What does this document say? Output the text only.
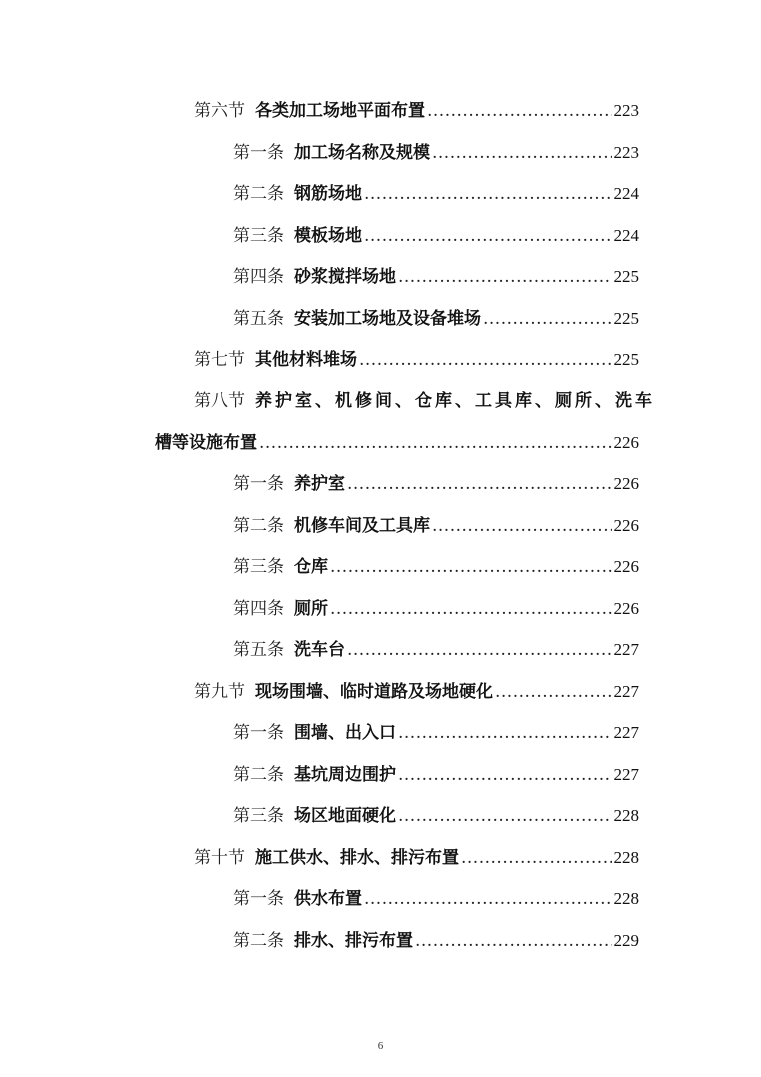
第六节 各类加工场地平面布置 .....	223
第一条 加工场名称及规模 .....	223
第二条 钢筋场地 .....	224
第三条 模板场地 .....	224
第四条 砂浆搅拌场地 .....	225
第五条 安装加工场地及设备堆场 .....	225
第七节 其他材料堆场 .....	225
第八节 养护室、机修间、仓库、工具库、厕所、洗车
槽等设施布置 .....	226
第一条 养护室 .....	226
第二条 机修车间及工具库 .....	226
第三条 仓库 .....	226
第四条 厕所 .....	226
第五条 洗车台 .....	227
第九节 现场围墙、临时道路及场地硬化 .....	227
第一条 围墙、出入口 .....	227
第二条 基坑周边围护 .....	227
第三条 场区地面硬化 .....	228
第十节 施工供水、排水、排污布置 .....	228
第一条 供水布置 .....	228
第二条 排水、排污布置 .....	229
6
